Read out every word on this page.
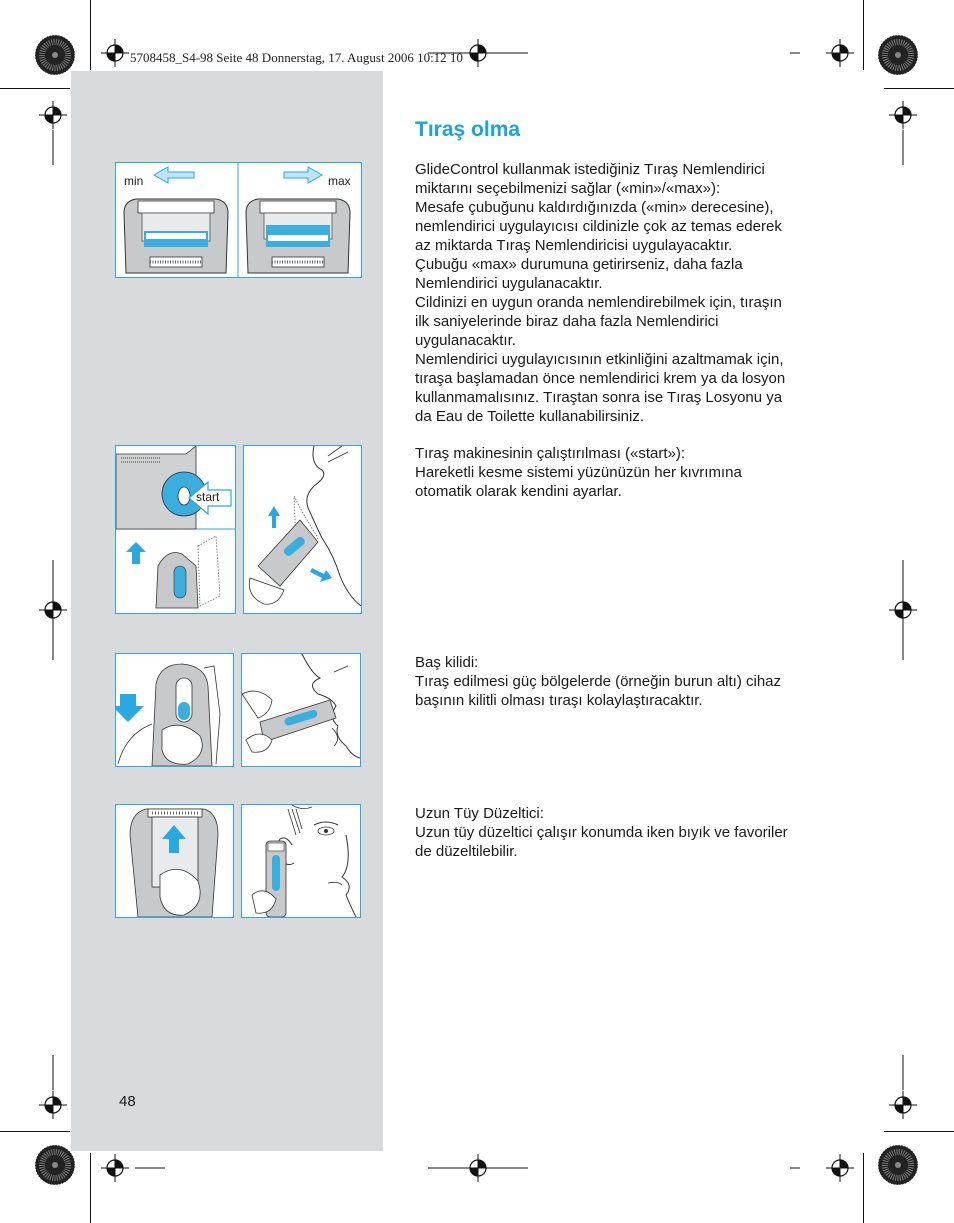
5708458_S4-98 Seite 48 Donnerstag, 17. August 2006 10:12 10
Tıraş olma

GlideControl kullanmak istediğiniz Tıraş Nemlendirici
miktarını seçebilmenizi sağlar («min»/«max»):
Mesafe çubuğunu kaldırdığınızda («min» derecesine),
nemlendirici uygulayıcısı cildinizle çok az temas ederek
az miktarda Tıraş Nemlendiricisi uygulayacaktır.
Çubuğu «max» durumuna getirirseniz, daha fazla
Nemlendirici uygulanacaktır.
Cildinizi en uygun oranda nemlendirebilmek için, tıraşın
ilk saniyelerinde biraz daha fazla Nemlendirici
uygulanacaktır.
Nemlendirici uygulayıcısının etkinliğini azaltmamak için,
tıraşa başlamadan önce nemlendirici krem ya da losyon
kullanmamalısınız. Tıraştan sonra ise Tıraş Losyonu ya
da Eau de Toilette kullanabilirsiniz.

Tıraş makinesinin çalıştırılması («start»):
Hareketli kesme sistemi yüzünüzün her kıvrımına
otomatik olarak kendini ayarlar.

Baş kilidi:
Tıraş edilmesi güç bölgelerde (örneğin burun altı) cihaz
başının kilitli olması tıraşı kolaylaştıracaktır.

Uzun Tüy Düzeltici:
Uzun tüy düzeltici çalışır konumda iken bıyık ve favoriler
de düzeltilebilir.

min	max
start
48
